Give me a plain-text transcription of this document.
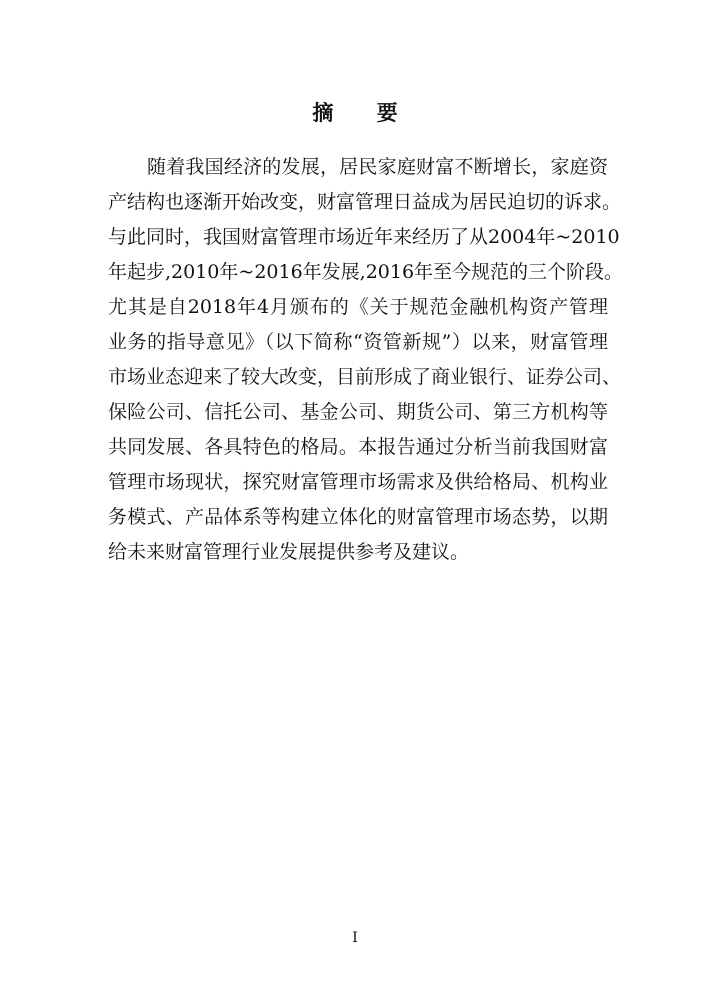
摘 要
随着我国经济的发展，居民家庭财富不断增长，家庭资
产结构也逐渐开始改变，财富管理日益成为居民迫切的诉求。
与此同时，我国财富管理市场近年来经历了从2004年~2010
年起步,2010年~2016年发展,2016年至今规范的三个阶段。
尤其是自2018年4月颁布的《关于规范金融机构资产管理
业务的指导意见》（以下简称“资管新规”）以来，财富管理
市场业态迎来了较大改变，目前形成了商业银行、证券公司、
保险公司、信托公司、基金公司、期货公司、第三方机构等
共同发展、各具特色的格局。本报告通过分析当前我国财富
管理市场现状，探究财富管理市场需求及供给格局、机构业
务模式、产品体系等构建立体化的财富管理市场态势，以期
给未来财富管理行业发展提供参考及建议。
I
